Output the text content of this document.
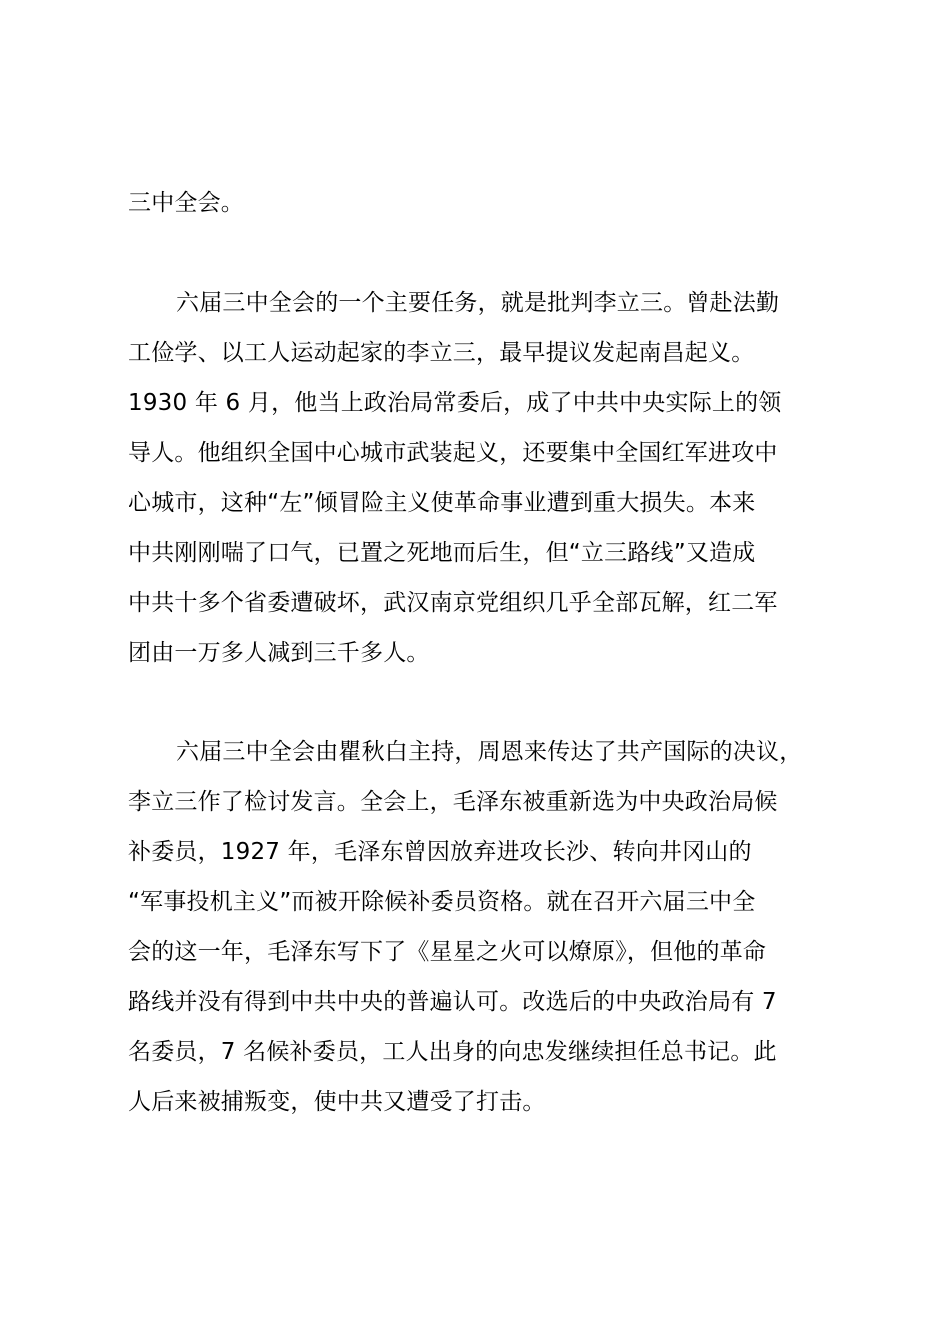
三中全会。
六届三中全会的一个主要任务，就是批判李立三。曾赴法勤
工俭学、以工人运动起家的李立三，最早提议发起南昌起义。
1930 年 6 月，他当上政治局常委后，成了中共中央实际上的领
导人。他组织全国中心城市武装起义，还要集中全国红军进攻中
心城市，这种“左”倾冒险主义使革命事业遭到重大损失。本来
中共刚刚喘了口气，已置之死地而后生，但“立三路线”又造成
中共十多个省委遭破坏，武汉南京党组织几乎全部瓦解，红二军
团由一万多人减到三千多人。
六届三中全会由瞿秋白主持，周恩来传达了共产国际的决议，
李立三作了检讨发言。全会上，毛泽东被重新选为中央政治局候
补委员，1927 年，毛泽东曾因放弃进攻长沙、转向井冈山的
“军事投机主义”而被开除候补委员资格。就在召开六届三中全
会的这一年，毛泽东写下了《星星之火可以燎原》，但他的革命
路线并没有得到中共中央的普遍认可。改选后的中央政治局有 7
名委员，7 名候补委员，工人出身的向忠发继续担任总书记。此
人后来被捕叛变，使中共又遭受了打击。
